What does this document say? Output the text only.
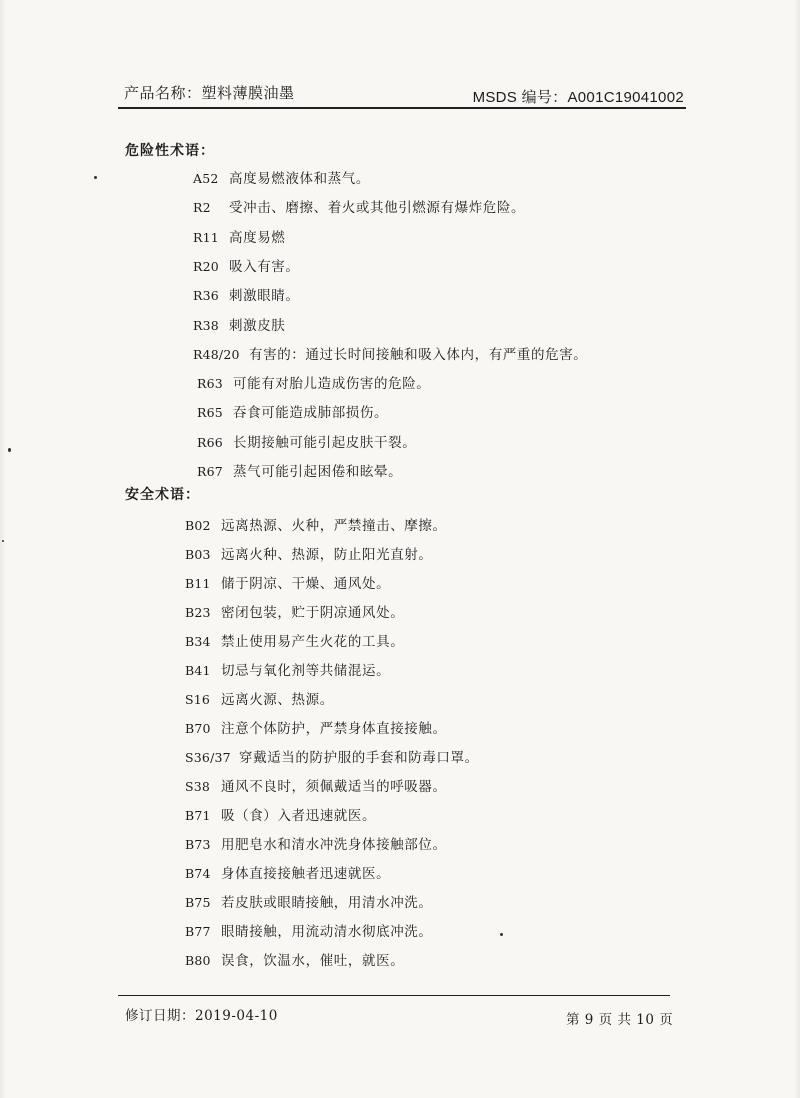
产品名称：塑料薄膜油墨	MSDS 编号：A001C19041002
危险性术语：
A52 高度易燃液体和蒸气。
R2 受冲击、磨擦、着火或其他引燃源有爆炸危险。
R11 高度易燃
R20 吸入有害。
R36 刺激眼睛。
R38 刺激皮肤
R48/20 有害的：通过长时间接触和吸入体内，有严重的危害。
R63 可能有对胎儿造成伤害的危险。
R65 吞食可能造成肺部损伤。
R66 长期接触可能引起皮肤干裂。
R67 蒸气可能引起困倦和眩晕。
安全术语：
B02 远离热源、火种，严禁撞击、摩擦。
B03 远离火种、热源，防止阳光直射。
B11 储于阴凉、干燥、通风处。
B23 密闭包装，贮于阴凉通风处。
B34 禁止使用易产生火花的工具。
B41 切忌与氧化剂等共储混运。
S16 远离火源、热源。
B70 注意个体防护，严禁身体直接接触。
S36/37 穿戴适当的防护服的手套和防毒口罩。
S38 通风不良时，须佩戴适当的呼吸器。
B71 吸（食）入者迅速就医。
B73 用肥皂水和清水冲洗身体接触部位。
B74 身体直接接触者迅速就医。
B75 若皮肤或眼睛接触，用清水冲洗。
B77 眼睛接触，用流动清水彻底冲洗。
B80 误食，饮温水，催吐，就医。
修订日期：2019-04-10	第 9 页 共 10 页
